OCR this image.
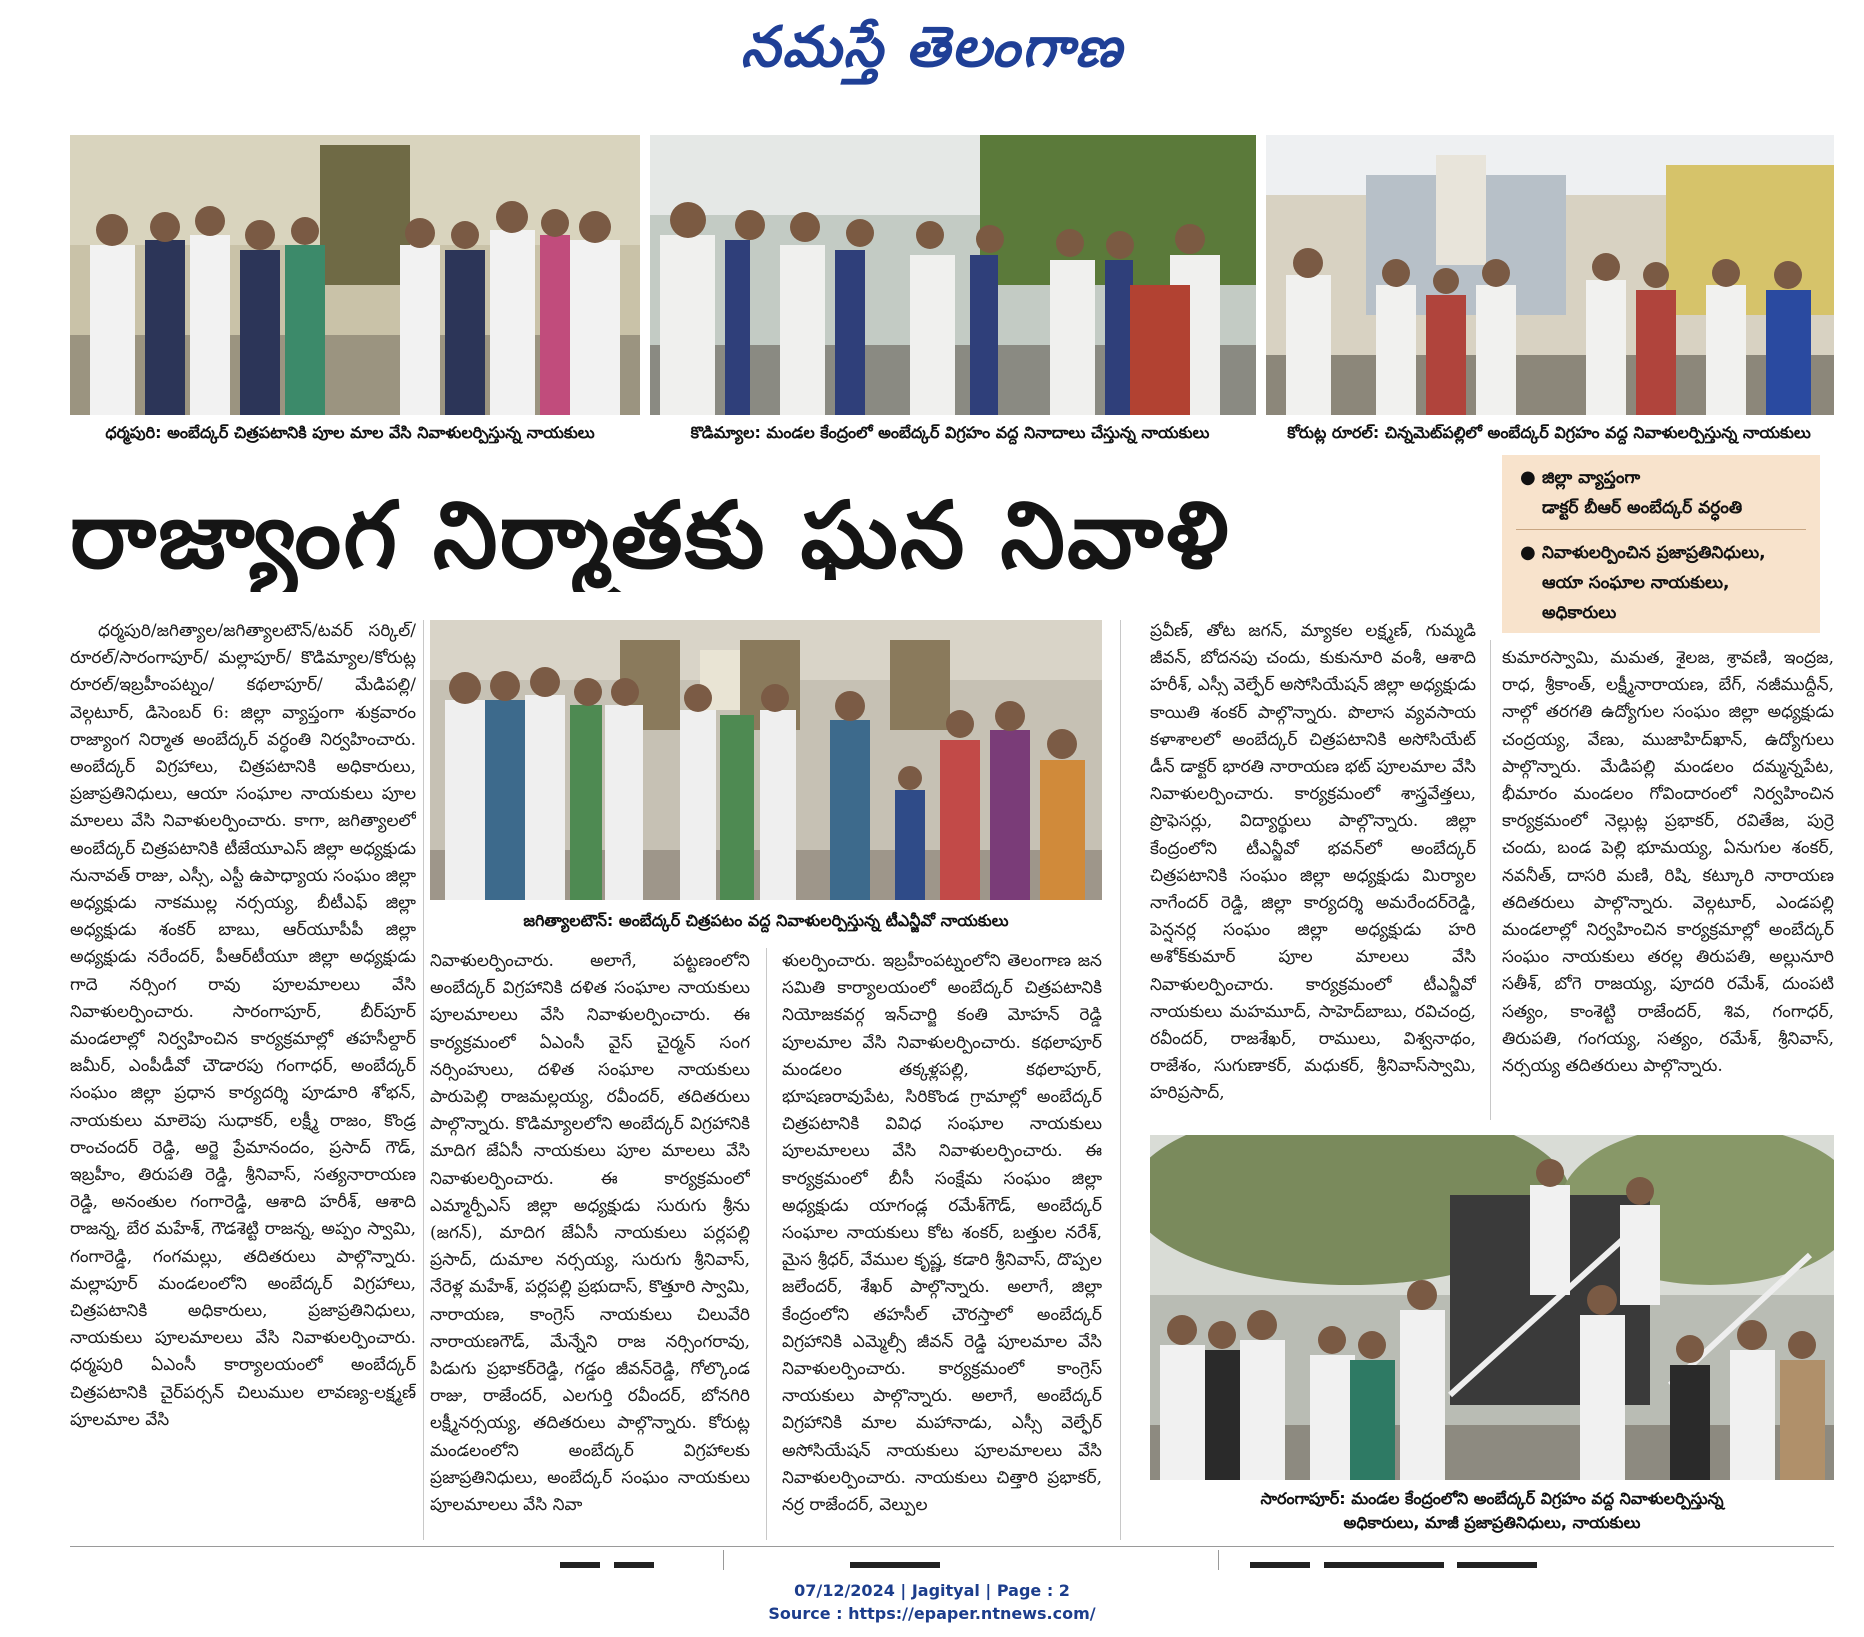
నమస్తే తెలంగాణ
ధర్మపురి: అంబేద్కర్ చిత్రపటానికి పూల మాల వేసి నివాళులర్పిస్తున్న నాయకులు	కొడిమ్యాల: మండల కేంద్రంలో అంబేద్కర్ విగ్రహం వద్ద నినాదాలు చేస్తున్న నాయకులు	కోరుట్ల రూరల్: చిన్నమెట్‌పల్లిలో అంబేద్కర్ విగ్రహం వద్ద నివాళులర్పిస్తున్న నాయకులు
రాజ్యాంగ నిర్మాతకు ఘన నివాళి
● జిల్లా వ్యాప్తంగా
డాక్టర్ బీఆర్ అంబేద్కర్ వర్ధంతి
● నివాళులర్పించిన ప్రజాప్రతినిధులు,
ఆయా సంఘాల నాయకులు,
అధికారులు
జగిత్యాలటౌన్: అంబేద్కర్ చిత్రపటం వద్ద నివాళులర్పిస్తున్న టీఎన్జీవో నాయకులు
సారంగాపూర్: మండల కేంద్రంలోని అంబేద్కర్ విగ్రహం వద్ద నివాళులర్పిస్తున్న
అధికారులు, మాజీ ప్రజాప్రతినిధులు, నాయకులు

ధర్మపురి/జగిత్యాల/జగిత్యాలటౌన్/టవర్ సర్కిల్/రూరల్/సారంగాపూర్/ మల్లాపూర్/ కొడిమ్యాల/కోరుట్ల రూరల్/ఇబ్రహీంపట్నం/ కథలాపూర్/ మేడిపల్లి/వెల్గటూర్, డిసెంబర్ 6: జిల్లా వ్యాప్తంగా శుక్రవారం రాజ్యాంగ నిర్మాత అంబేద్కర్ వర్ధంతి నిర్వహించారు. అంబేద్కర్ విగ్రహాలు, చిత్రపటానికి అధికారులు, ప్రజాప్రతినిధులు, ఆయా సంఘాల నాయకులు పూల మాలలు వేసి నివాళులర్పించారు. కాగా, జగిత్యాలలో అంబేద్కర్ చిత్రపటానికి టీజేయూఎస్ జిల్లా అధ్యక్షుడు నునావత్ రాజు, ఎస్సీ, ఎస్టీ ఉపాధ్యాయ సంఘం జిల్లా అధ్యక్షుడు నాకముల్ల నర్సయ్య, బీటీఎఫ్ జిల్లా అధ్యక్షుడు శంకర్ బాబు, ఆర్‌యూపీపీ జిల్లా అధ్యక్షుడు నరేందర్, పీఆర్‌టీయూ జిల్లా అధ్యక్షుడు గాదె నర్సింగ రావు పూలమాలలు వేసి నివాళులర్పించారు. సారంగాపూర్, బీర్‌పూర్ మండలాల్లో నిర్వహించిన కార్యక్రమాల్లో తహసీల్దార్ జమీర్, ఎంపీడీవో చౌడారపు గంగాధర్, అంబేద్కర్ సంఘం జిల్లా ప్రధాన కార్యదర్శి పూడూరి శోభన్, నాయకులు మాలెపు సుధాకర్, లక్ష్మీ రాజం, కొండ్ర రాంచందర్ రెడ్డి, అర్జె ప్రేమానందం, ప్రసాద్ గౌడ్, ఇబ్రహీం, తిరుపతి రెడ్డి, శ్రీనివాస్, సత్యనారాయణ రెడ్డి, అనంతుల గంగారెడ్డి, ఆశాది హరీశ్, ఆశాది రాజన్న, బేర మహేశ్, గౌడశెట్టి రాజన్న, అప్పం స్వామి, గంగారెడ్డి, గంగమల్లు, తదితరులు పాల్గొన్నారు. మల్లాపూర్ మండలంలోని అంబేద్కర్ విగ్రహాలు, చిత్రపటానికి అధికారులు, ప్రజాప్రతినిధులు, నాయకులు పూలమాలలు వేసి నివాళులర్పించారు. ధర్మపురి ఏఎంసీ కార్యాలయంలో అంబేద్కర్ చిత్రపటానికి చైర్‌పర్సన్ చిలుముల లావణ్య-లక్ష్మణ్ పూలమాల వేసి

నివాళులర్పించారు. అలాగే, పట్టణంలోని అంబేద్కర్ విగ్రహానికి దళిత సంఘాల నాయకులు పూలమాలలు వేసి నివాళులర్పించారు. ఈ కార్యక్రమంలో ఏఎంసీ వైస్ చైర్మన్ సంగ నర్సింహులు, దళిత సంఘాల నాయకులు పారుపెల్లి రాజమల్లయ్య, రవీందర్, తదితరులు పాల్గొన్నారు. కొడిమ్యాలలోని అంబేద్కర్ విగ్రహానికి మాదిగ జేఏసీ నాయకులు పూల మాలలు వేసి నివాళులర్పించారు. ఈ కార్యక్రమంలో ఎమ్మార్పీఎస్ జిల్లా అధ్యక్షుడు సురుగు శ్రీను (జగన్), మాదిగ జేఏసీ నాయకులు పర్లపల్లి ప్రసాద్, దుమాల నర్సయ్య, సురుగు శ్రీనివాస్, నేరెళ్ల మహేశ్, పర్లపల్లి ప్రభుదాస్, కొత్తూరి స్వామి, నారాయణ, కాంగ్రెస్ నాయకులు చిలువేరి నారాయణగౌడ్, మేన్నేని రాజ నర్సింగరావు, పిడుగు ప్రభాకర్‌రెడ్డి, గడ్డం జీవన్‌రెడ్డి, గోల్కొండ రాజు, రాజేందర్, ఎలగుర్తి రవీందర్, బోనగిరి లక్ష్మీనర్సయ్య, తదితరులు పాల్గొన్నారు. కోరుట్ల మండలంలోని అంబేద్కర్ విగ్రహాలకు ప్రజాప్రతినిధులు, అంబేద్కర్ సంఘం నాయకులు పూలమాలలు వేసి నివా

ళులర్పించారు. ఇబ్రహీంపట్నంలోని తెలంగాణ జన సమితి కార్యాలయంలో అంబేద్కర్ చిత్రపటానికి నియోజకవర్గ ఇన్‌చార్జి కంతి మోహన్ రెడ్డి పూలమాల వేసి నివాళులర్పించారు. కథలాపూర్ మండలం తక్కళ్లపల్లి, కథలాపూర్, భూషణరావుపేట, సిరికొండ గ్రామాల్లో అంబేద్కర్ చిత్రపటానికి వివిధ సంఘాల నాయకులు పూలమాలలు వేసి నివాళులర్పించారు. ఈ కార్యక్రమంలో బీసీ సంక్షేమ సంఘం జిల్లా అధ్యక్షుడు యాగండ్ల రమేశ్‌గౌడ్, అంబేద్కర్ సంఘాల నాయకులు కోట శంకర్, బత్తుల నరేశ్, మైస శ్రీధర్, వేముల కృష్ణ, కడారి శ్రీనివాస్, దొప్పల జలేందర్, శేఖర్ పాల్గొన్నారు. అలాగే, జిల్లా కేంద్రంలోని తహసీల్ చౌరస్తాలో అంబేద్కర్ విగ్రహానికి ఎమ్మెల్సీ జీవన్ రెడ్డి పూలమాల వేసి నివాళులర్పించారు. కార్యక్రమంలో కాంగ్రెస్ నాయకులు పాల్గొన్నారు. అలాగే, అంబేద్కర్ విగ్రహానికి మాల మహానాడు, ఎస్సీ వెల్ఫేర్ అసోసియేషన్ నాయకులు పూలమాలలు వేసి నివాళులర్పించారు. నాయకులు చిత్తారి ప్రభాకర్, నర్ర రాజేందర్, వెల్పుల

ప్రవీణ్, తోట జగన్, మ్యాకల లక్ష్మణ్, గుమ్మడి జీవన్, బోదనపు చందు, కుకునూరి వంశీ, ఆశాది హరీశ్, ఎస్సీ వెల్ఫేర్ అసోసియేషన్ జిల్లా అధ్యక్షుడు కాయితి శంకర్ పాల్గొన్నారు. పొలాస వ్యవసాయ కళాశాలలో అంబేద్కర్ చిత్రపటానికి అసోసియేట్ డీన్ డాక్టర్ భారతి నారాయణ భట్ పూలమాల వేసి నివాళులర్పించారు. కార్యక్రమంలో శాస్త్రవేత్తలు, ప్రొఫెసర్లు, విద్యార్థులు పాల్గొన్నారు. జిల్లా కేంద్రంలోని టీఎన్జీవో భవన్‌లో అంబేద్కర్ చిత్రపటానికి సంఘం జిల్లా అధ్యక్షుడు మిర్యాల నాగేందర్ రెడ్డి, జిల్లా కార్యదర్శి అమరేందర్‌రెడ్డి, పెన్షనర్ల సంఘం జిల్లా అధ్యక్షుడు హరి అశోక్‌కుమార్ పూల మాలలు వేసి నివాళులర్పించారు. కార్యక్రమంలో టీఎన్జీవో నాయకులు మహమూద్, సాహెద్‌బాబు, రవిచంద్ర, రవీందర్, రాజశేఖర్, రాములు, విశ్వనాథం, రాజేశం, సుగుణాకర్, మధుకర్, శ్రీనివాస్‌స్వామి, హరిప్రసాద్,

కుమారస్వామి, మమత, శైలజ, శ్రావణి, ఇంద్రజ, రాధ, శ్రీకాంత్, లక్ష్మీనారాయణ, బేగ్, నజీముద్దీన్, నాల్గో తరగతి ఉద్యోగుల సంఘం జిల్లా అధ్యక్షుడు చంద్రయ్య, వేణు, ముజాహిద్‌ఖాన్, ఉద్యోగులు పాల్గొన్నారు. మేడిపల్లి మండలం దమ్మన్నపేట, భీమారం మండలం గోవిందారంలో నిర్వహించిన కార్యక్రమంలో నెల్లుట్ల ప్రభాకర్, రవితేజ, పుర్రె చందు, బండ పెల్లి భూమయ్య, ఏనుగుల శంకర్, నవనీత్, దాసరి మణి, రిషి, కట్కూరి నారాయణ తదితరులు పాల్గొన్నారు. వెల్గటూర్, ఎండపల్లి మండలాల్లో నిర్వహించిన కార్యక్రమాల్లో అంబేద్కర్ సంఘం నాయకులు తరల్ల తిరుపతి, అల్లునూరి సతీశ్, బోగె రాజయ్య, పూదరి రమేశ్, దుంపటి సత్యం, కాంశెట్టి రాజేందర్, శివ, గంగాధర్, తిరుపతి, గంగయ్య, సత్యం, రమేశ్, శ్రీనివాస్, నర్సయ్య తదితరులు పాల్గొన్నారు.

07/12/2024 | Jagityal | Page : 2
Source : https://epaper.ntnews.com/
